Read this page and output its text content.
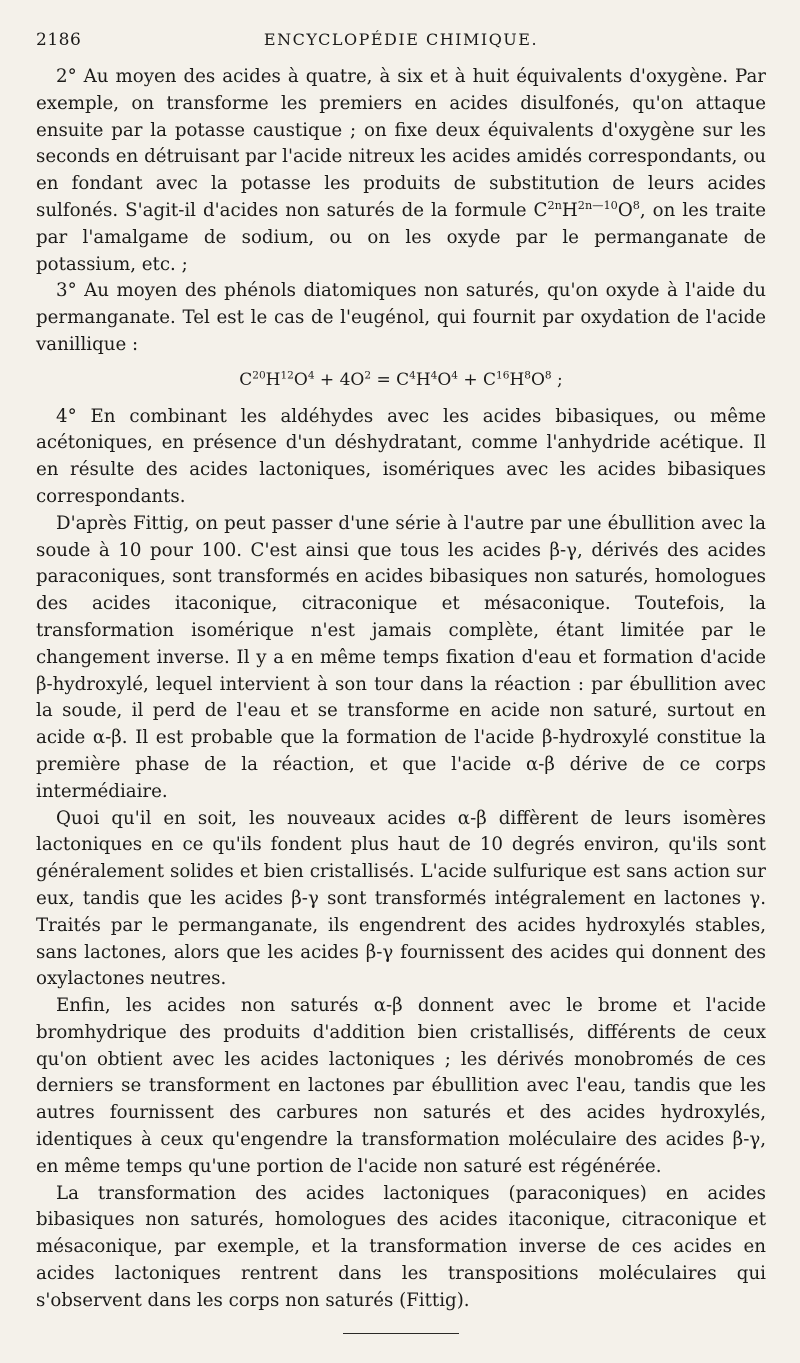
2186	ENCYCLOPÉDIE CHIMIQUE.

2° Au moyen des acides à quatre, à six et à huit équivalents d'oxygène. Par exemple, on transforme les premiers en acides disulfonés, qu'on attaque ensuite par la potasse caustique ; on fixe deux équivalents d'oxygène sur les seconds en détruisant par l'acide nitreux les acides amidés correspondants, ou en fondant avec la potasse les produits de substitution de leurs acides sulfonés. S'agit-il d'acides non saturés de la formule $C^{2n}H^{2n—10}O^8$, on les traite par l'amalgame de sodium, ou on les oxyde par le permanganate de potassium, etc. ;

3° Au moyen des phénols diatomiques non saturés, qu'on oxyde à l'aide du permanganate. Tel est le cas de l'eugénol, qui fournit par oxydation de l'acide vanillique :

$C^{20}H^{12}O^4 + 4O^2 = C^4H^4O^4 + C^{16}H^8O^8$ ;

4° En combinant les aldéhydes avec les acides bibasiques, ou même acétoniques, en présence d'un déshydratant, comme l'anhydride acétique. Il en résulte des acides lactoniques, isomériques avec les acides bibasiques correspondants.

D'après Fittig, on peut passer d'une série à l'autre par une ébullition avec la soude à 10 pour 100. C'est ainsi que tous les acides β-γ, dérivés des acides paraconiques, sont transformés en acides bibasiques non saturés, homologues des acides itaconique, citraconique et mésaconique. Toutefois, la transformation isomérique n'est jamais complète, étant limitée par le changement inverse. Il y a en même temps fixation d'eau et formation d'acide β-hydroxylé, lequel intervient à son tour dans la réaction : par ébullition avec la soude, il perd de l'eau et se transforme en acide non saturé, surtout en acide α-β. Il est probable que la formation de l'acide β-hydroxylé constitue la première phase de la réaction, et que l'acide α-β dérive de ce corps intermédiaire.

Quoi qu'il en soit, les nouveaux acides α-β diffèrent de leurs isomères lactoniques en ce qu'ils fondent plus haut de 10 degrés environ, qu'ils sont généralement solides et bien cristallisés. L'acide sulfurique est sans action sur eux, tandis que les acides β-γ sont transformés intégralement en lactones γ. Traités par le permanganate, ils engendrent des acides hydroxylés stables, sans lactones, alors que les acides β-γ fournissent des acides qui donnent des oxylactones neutres.

Enfin, les acides non saturés α-β donnent avec le brome et l'acide bromhydrique des produits d'addition bien cristallisés, différents de ceux qu'on obtient avec les acides lactoniques ; les dérivés monobromés de ces derniers se transforment en lactones par ébullition avec l'eau, tandis que les autres fournissent des carbures non saturés et des acides hydroxylés, identiques à ceux qu'engendre la transformation moléculaire des acides β-γ, en même temps qu'une portion de l'acide non saturé est régénérée.

La transformation des acides lactoniques (paraconiques) en acides bibasiques non saturés, homologues des acides itaconique, citraconique et mésaconique, par exemple, et la transformation inverse de ces acides en acides lactoniques rentrent dans les transpositions moléculaires qui s'observent dans les corps non saturés (Fittig).
